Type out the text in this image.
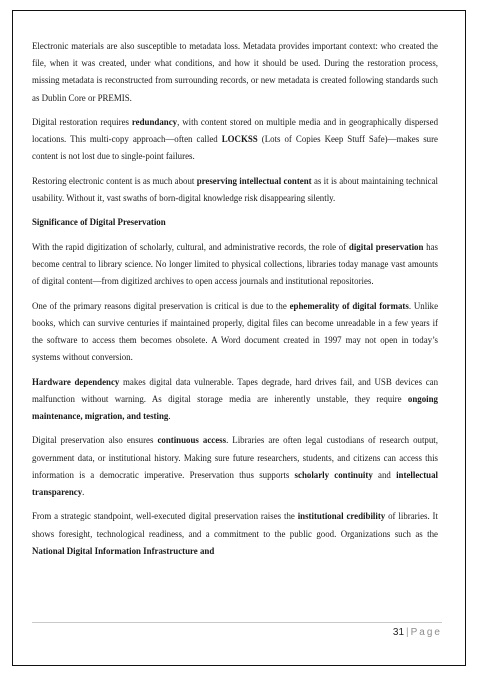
Electronic materials are also susceptible to metadata loss. Metadata provides important context: who created the file, when it was created, under what conditions, and how it should be used. During the restoration process, missing metadata is reconstructed from surrounding records, or new metadata is created following standards such as Dublin Core or PREMIS.

Digital restoration requires redundancy, with content stored on multiple media and in geographically dispersed locations. This multi-copy approach—often called LOCKSS (Lots of Copies Keep Stuff Safe)—makes sure content is not lost due to single-point failures.

Restoring electronic content is as much about preserving intellectual content as it is about maintaining technical usability. Without it, vast swaths of born-digital knowledge risk disappearing silently.

Significance of Digital Preservation

With the rapid digitization of scholarly, cultural, and administrative records, the role of digital preservation has become central to library science. No longer limited to physical collections, libraries today manage vast amounts of digital content—from digitized archives to open access journals and institutional repositories.

One of the primary reasons digital preservation is critical is due to the ephemerality of digital formats. Unlike books, which can survive centuries if maintained properly, digital files can become unreadable in a few years if the software to access them becomes obsolete. A Word document created in 1997 may not open in today’s systems without conversion.

Hardware dependency makes digital data vulnerable. Tapes degrade, hard drives fail, and USB devices can malfunction without warning. As digital storage media are inherently unstable, they require ongoing maintenance, migration, and testing.

Digital preservation also ensures continuous access. Libraries are often legal custodians of research output, government data, or institutional history. Making sure future researchers, students, and citizens can access this information is a democratic imperative. Preservation thus supports scholarly continuity and intellectual transparency.

From a strategic standpoint, well-executed digital preservation raises the institutional credibility of libraries. It shows foresight, technological readiness, and a commitment to the public good. Organizations such as the National Digital Information Infrastructure and

31 | Page
